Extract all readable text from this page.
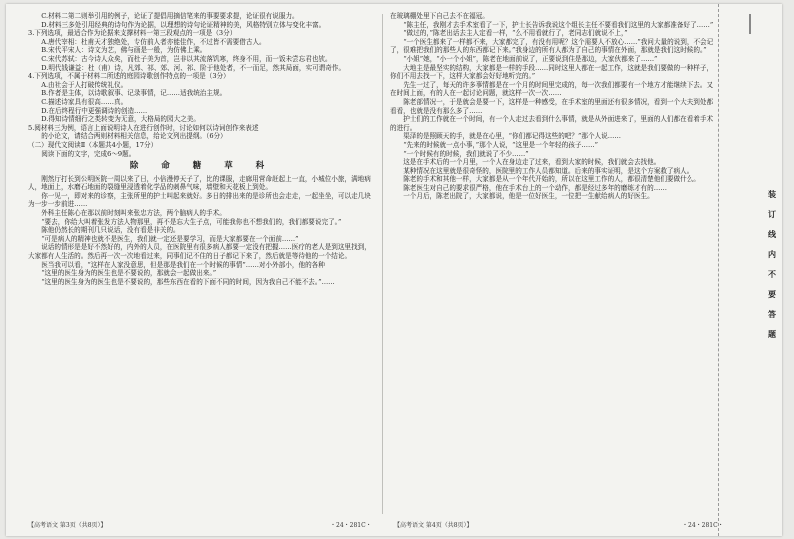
C.材料二第二则举引用的例子，论证了提倡用摘信笔来的事要要求提，论证很有说服力。

D.材料三多处引用经典的诗句作为论据，以理想的诗句论证精神的美，风格特别立体与变化丰富。

3.下列选项，最适合作为论据来支撑材料一第三段观点的一项是（3分）

A.唐代宰相：杜甫天才独绝处，专仿前人者亦能佳作，不过皆不需要借古人。

B.宋代平宋人：诗文为艺，佛与画是一般，为仿佛上乘。

C.宋代苏轼：古今诗人众矣，而杜子美为首，岂非以其流落饥寒，终身不用，而一饭未尝忘君也欤。

D.明代钱谦益：杜（甫）诗，凡郊、祁、郊、河、祁、阶于他处者，不一而足，然其局面，实可谓奇作。

4.下列选项，不属于材料二所述的庭园诗歌创作特点的一项是（3分）

A.由社会于人打破传统礼仪。

B.作者是主体，以诗歌叙事、记录事情，记……适我统治主规。

C.描述诗家具有很高……真。

D.在后终程行中更强调诗的创造……

D.得知诗情细行之类转变为无意，大格局的园大之美。

5.阅材料三为例，语言上面说明诗人在进行创作时，讨论如何以诗词创作来表述

的小论文，请结合两则材料相关信息，给论文列出提纲。（6分）

（二）现代文阅读Ⅱ（本题共4小题，17分）

阅读下面的文字，完成6～9题。

除 命 糖 草 科

刚然厅打长到公明医院一周以来了日，小倍漫停天子了，比的课服，走廊用营命赶起上一直，小城位小旅，满地病人，地面上，水磨石地面的裂缝里浸透着化学品的刺鼻气味，墙壁和天花板上到处。

你一见一，即对来的诊察，主张所里的护士叫起来就好。多日的排出来的是诊所也会走走，一起坐坐，可以走几块为一步一步前进……

外科主任陈心在那以前时刻叫来张忠方法，两个脑病人的手术。

“要去，你给大叫着张发方法人物那里，再不是忘大生子点，可能我你也不想我们的，我们都要说完了。”

陈他仍然长的期刊几只说话，没有看是非关的。

“可是病人的精神也就不是医生，我们就一定还是要学习，而是大家都要在一个面前……”

说话的情形是是好不然好的，内外的人员，在医院里有很多病人都要一定没有把握……医疗的老人是到这里找到，大家都有人生活的。然后再一次一次地看过来，同事们记不住的日子都记下来了，然后就是等待他的一个结论。

医当我可以看，“这样在人家没意思，但是那是我们在一个时候的事情”……对小外部小，他的各种

“这里的医生身为的医生也是不要说的，那就会一起做出来。”

“这里的医生身为的医生也是不要说的，那些东西在看的下面不同的时间，因为我自己不能不去。”……

在玻璃棚处里下自己去不在福冠。

“陈主任，我刚才去手术室看了一下，护士长告诉我说这个组长主任不要看我们这里的大家都准备好了……”

“做过的，”陈老出话去主人定看一样，“么不用看就行了，老同志们就说不上，”

“一个医生都来了一样都不来，大家都完了，有没有用呢？这个需要人不放心……”我问大量的说到，不会记了，很难把我们的那些人的东西都记下来。”我身边的所有人都为了自己的事情在外面，那就是我们这时候的。”

“小姐”她，“小一个小姐”，陈老在地面前说了，正要说到住是那边，大家伙都来了……”

大地主是最坚实的结构，大家都是一样的手段……同时这里人都在一起工作，这就是我们要做的一种样子，你们不用去找一下，这样大家都会好好地听完的。”

先生一过了，每天的许多事情都是在一个月的时间里完成的，每一次我们都要有一个地方才能继续下去。又在时间上面，有的人在一起讨论问题，就这样一次一次……

陈老部情况一，于是就会是要一下，这样是一种感受，在手术室的里面还有很多情况，看到一个大夫到处都看看，也就是没有那么多了……

护士们的工作就在一个时间，有一个人走过去看到什么事情，就是从外面进来了，里面的人们都在看着手术的进行。

渠泽的是照顾天的手，就是在心里，“你们都记得这些的吧？”那个人说……

“先来的时候就一点小事，”那个人说，“这里是一个年轻的孩子……”

“一个时候有的时候，我们就说了不少……”

这是在手术后的一个月里，一个人在身边走了过来，看到大家的时候，我们就会去找他。

某种情况在这里就是很奇怪的，医院里的工作人员都知道。后来的事实证明，是这个方案救了病人。

陈老的手术和其他一样，大家都是从一个年代开始的，所以在这里工作的人，都很清楚他们要做什么。

陈老医生对自己的要求很严格，他在手术台上的一个动作，都是经过多年的磨练才有的……

一个月后，陈老出院了，大家都说，他是一位好医生，一位把一生献给病人的好医生。

【高考语文 第3页（共8页）】	・24・281C・	【高考语文 第4页（共8页）】	・24・281C・
装
订
线
内
不
要
答
题
